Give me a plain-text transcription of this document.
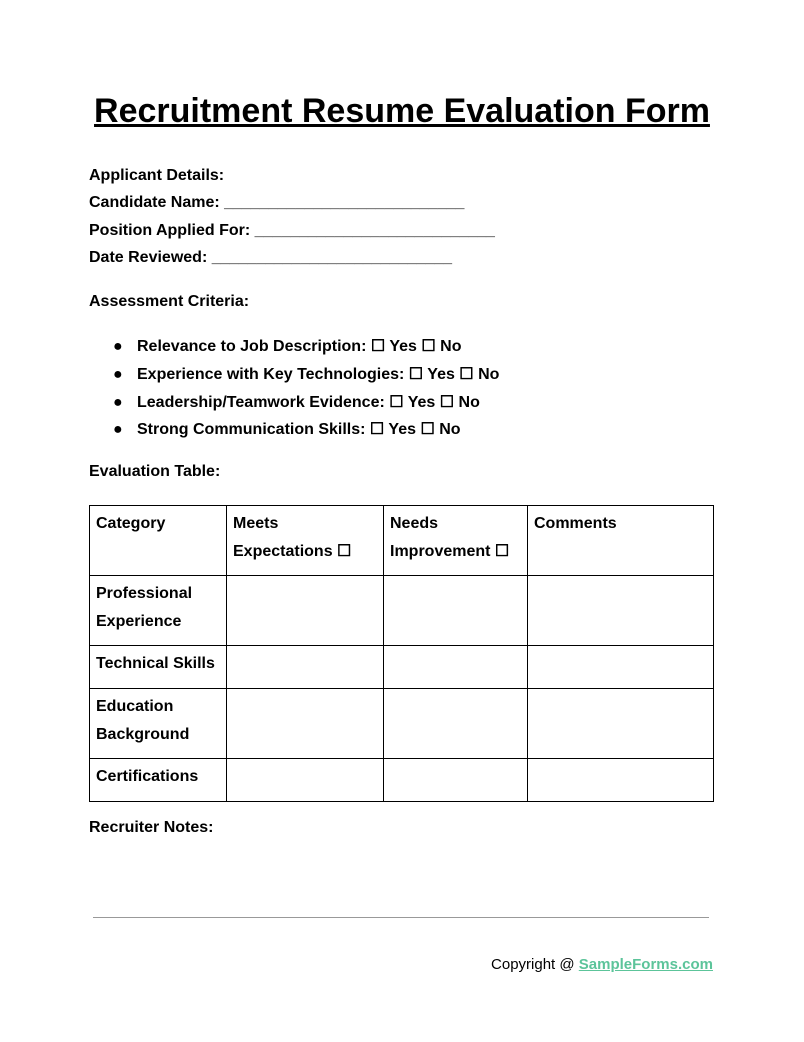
Recruitment Resume Evaluation Form
Applicant Details:
Candidate Name: ___________________________
Position Applied For: ___________________________
Date Reviewed: ___________________________
Assessment Criteria:
● Relevance to Job Description: ☐ Yes ☐ No
● Experience with Key Technologies: ☐ Yes ☐ No
● Leadership/Teamwork Evidence: ☐ Yes ☐ No
● Strong Communication Skills: ☐ Yes ☐ No
Evaluation Table:
Category	Meets Expectations ☐	Needs Improvement ☐	Comments
Professional Experience			
Technical Skills			
Education Background			
Certifications			
Recruiter Notes:
Copyright @ SampleForms.com
